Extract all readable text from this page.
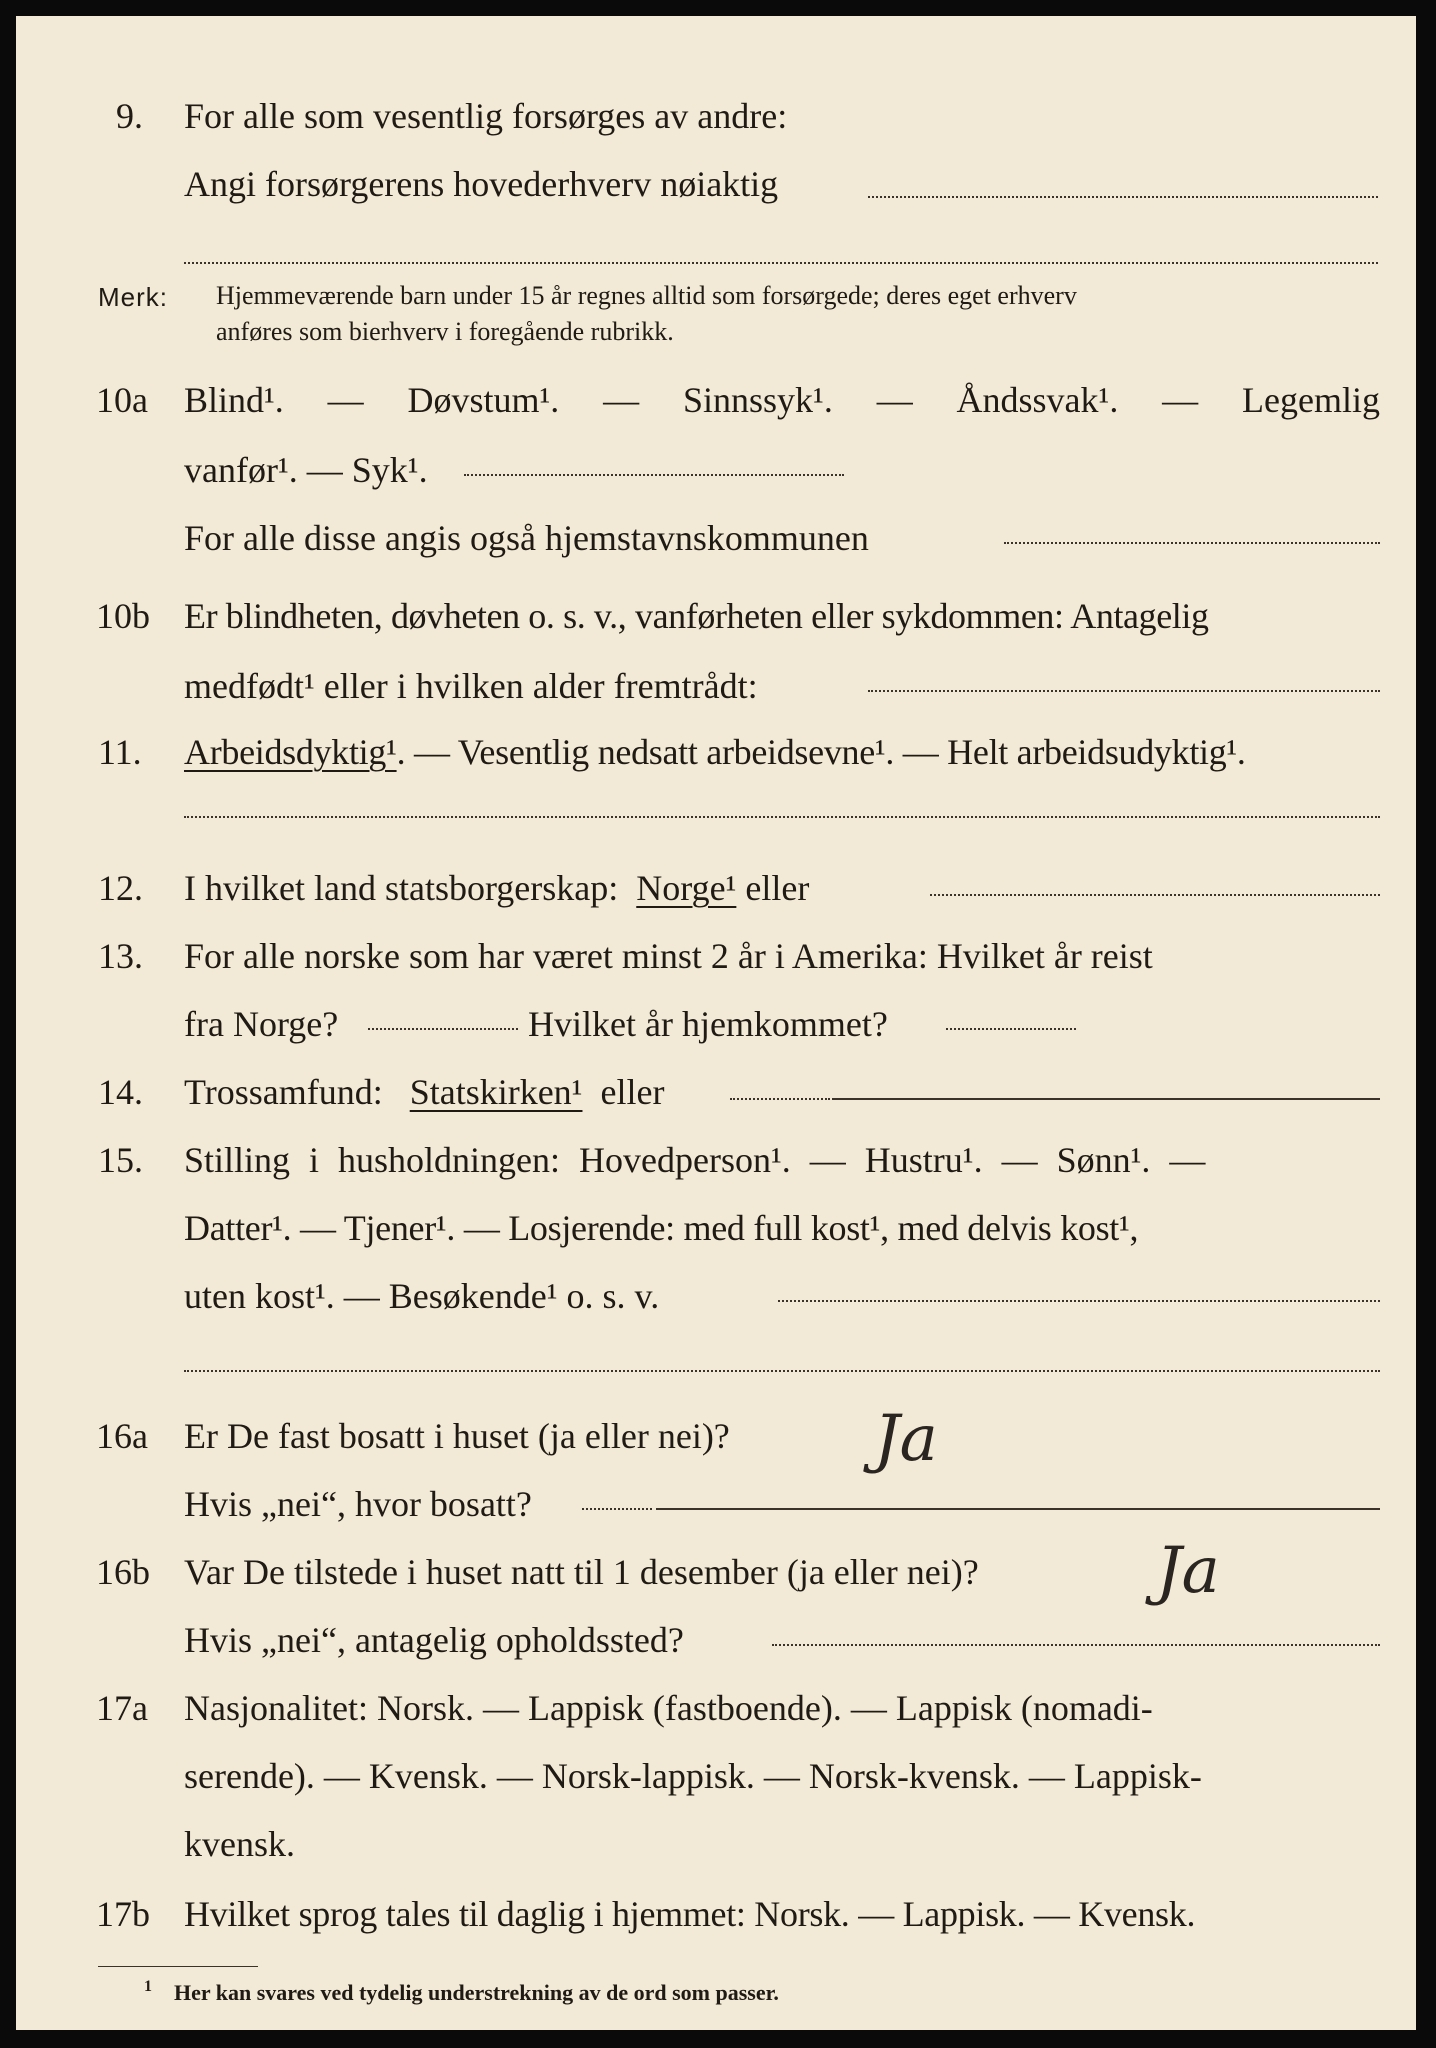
9. For alle som vesentlig forsørges av andre:
Angi forsørgerens hovederhverv nøiaktig
Merk: Hjemmeværende barn under 15 år regnes alltid som forsørgede; deres eget erhverv
anføres som bierhverv i foregående rubrikk.
10a Blind¹. — Døvstum¹. — Sinnssyk¹. — Åndssvak¹. — Legemlig
vanfør¹. — Syk¹.
For alle disse angis også hjemstavnskommunen
10b Er blindheten, døvheten o. s. v., vanførheten eller sykdommen: Antagelig
medfødt¹ eller i hvilken alder fremtrådt:
11. Arbeidsdyktig¹. — Vesentlig nedsatt arbeidsevne¹. — Helt arbeidsudyktig¹.
12. I hvilket land statsborgerskap: Norge¹ eller
13. For alle norske som har været minst 2 år i Amerika: Hvilket år reist
fra Norge?	Hvilket år hjemkommet?
14. Trossamfund: Statskirken¹ eller
15. Stilling i husholdningen: Hovedperson¹. — Hustru¹. — Sønn¹. —
Datter¹. — Tjener¹. — Losjerende: med full kost¹, med delvis kost¹,
uten kost¹. — Besøkende¹ o. s. v.
16a Er De fast bosatt i huset (ja eller nei)? Ja
Hvis „nei“, hvor bosatt?
16b Var De tilstede i huset natt til 1 desember (ja eller nei)?	Ja
Hvis „nei“, antagelig opholdssted?
17a Nasjonalitet: Norsk. — Lappisk (fastboende). — Lappisk (nomadi-
serende). — Kvensk. — Norsk-lappisk. — Norsk-kvensk. — Lappisk-
kvensk.
17b Hvilket sprog tales til daglig i hjemmet: Norsk. — Lappisk. — Kvensk.
1 Her kan svares ved tydelig understrekning av de ord som passer.
